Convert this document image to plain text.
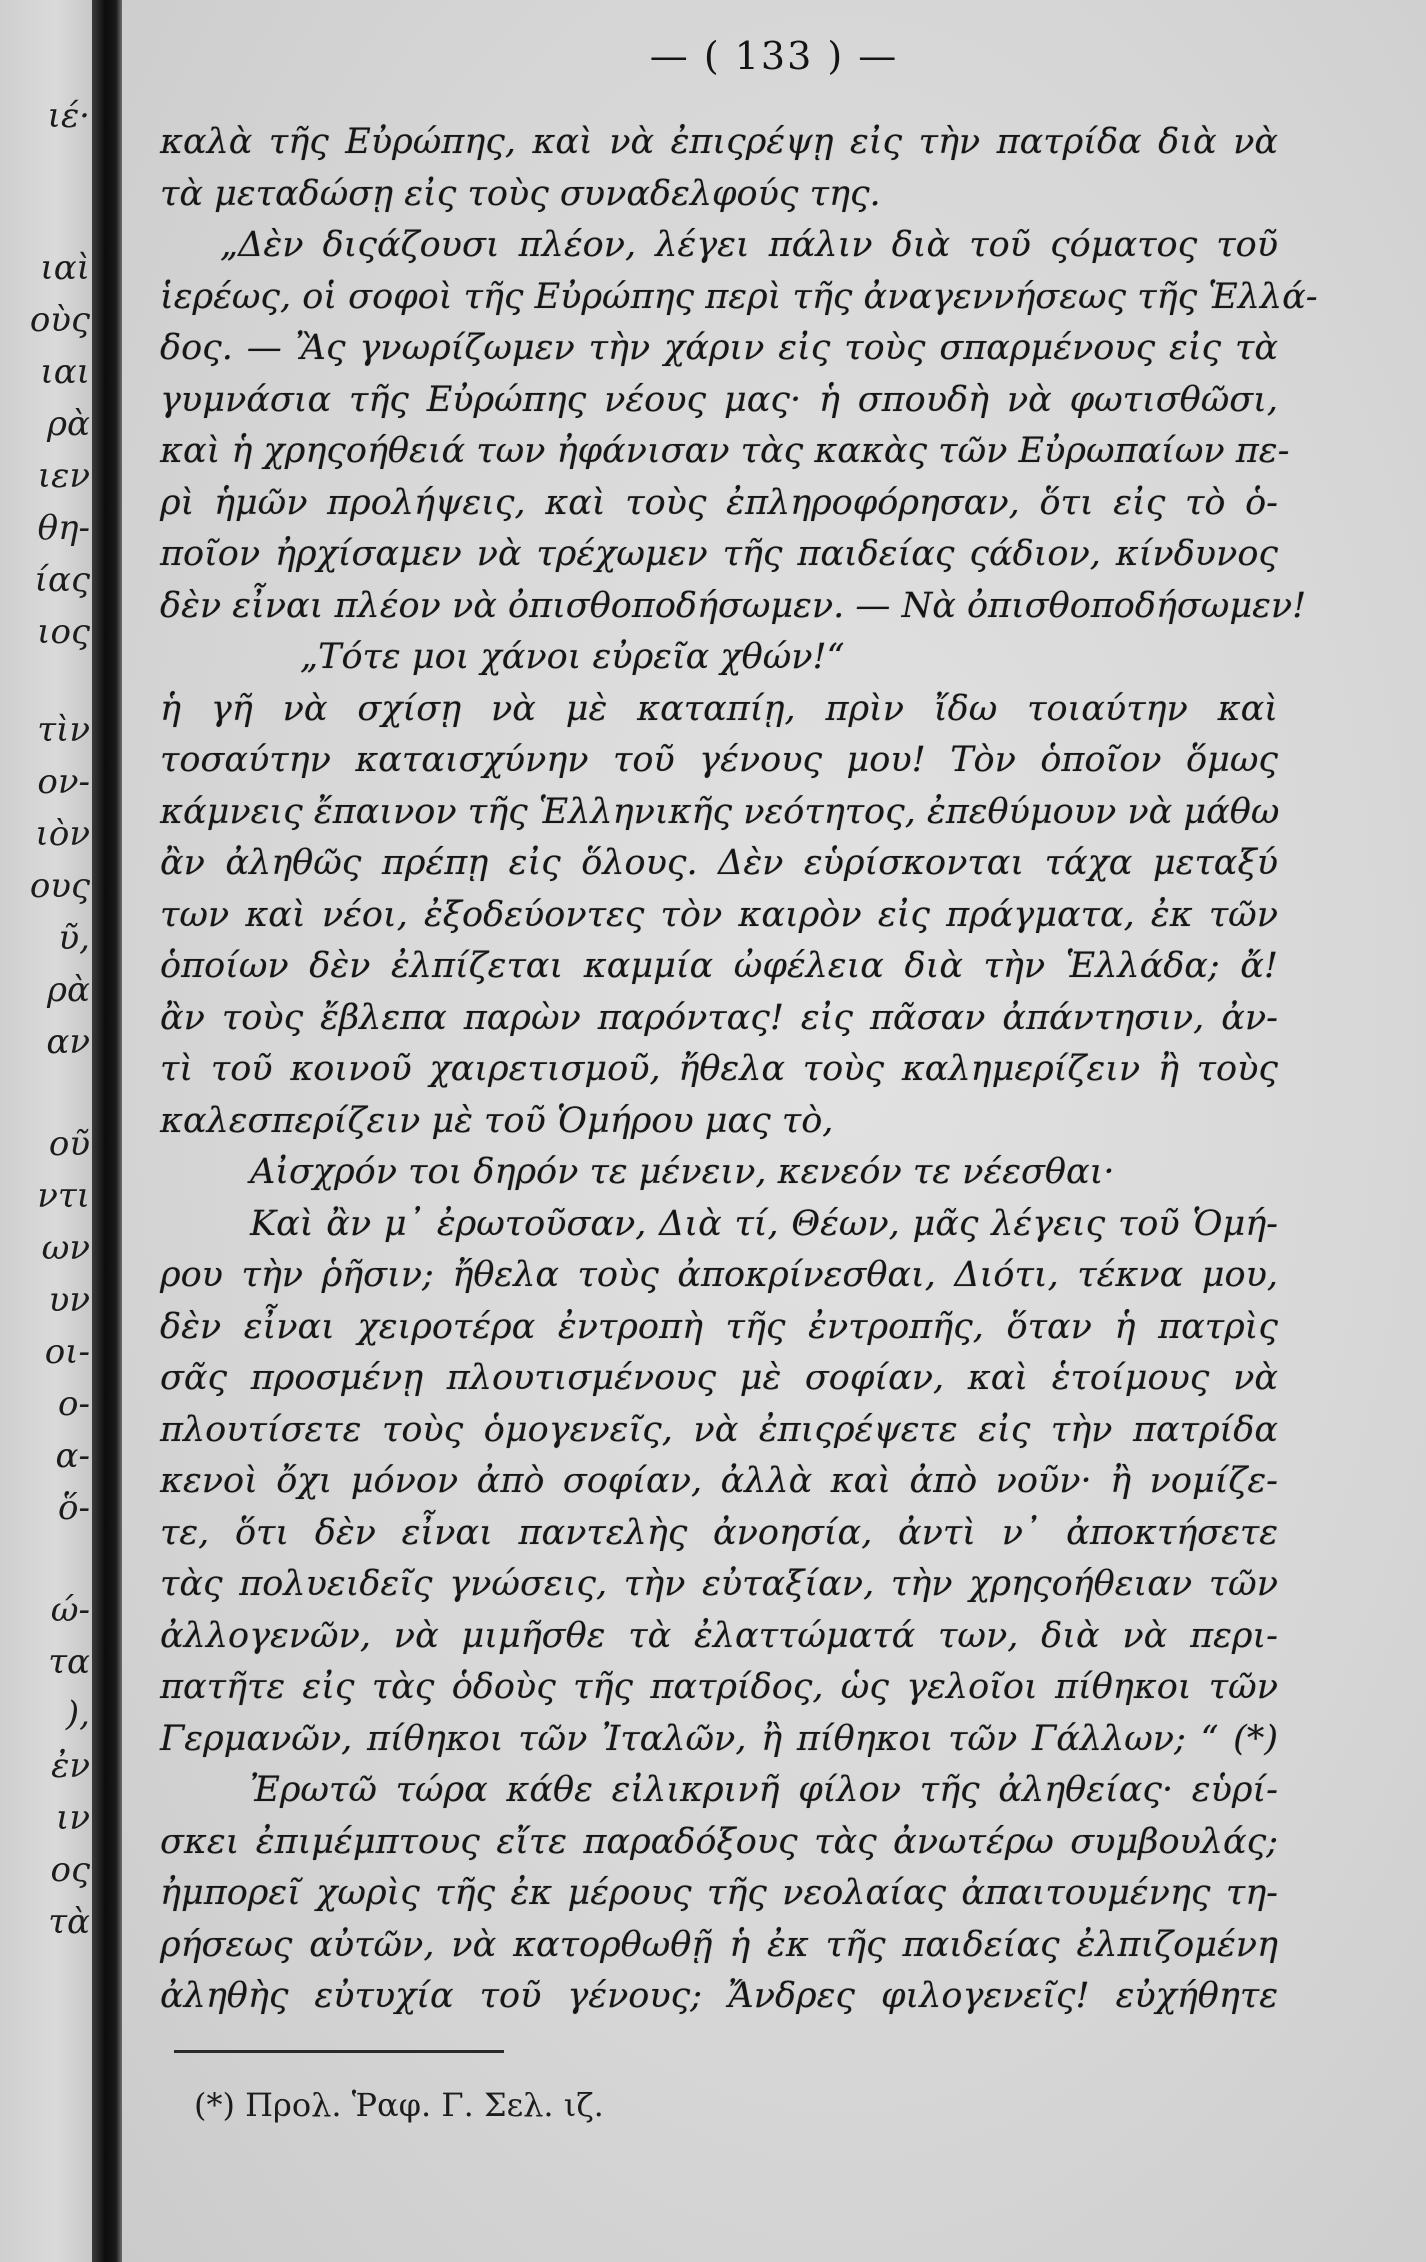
ιέ·
ιαὶ
οὺς
ιαι
ρὰ
ιεν
θη-
ίας
ιος
τὶν
ον-
ιὸν
ους
ῦ,
ρὰ
αν
οῦ
ντι
ων
υν
οι-
ο-
α-
ὅ-
ώ-
τα
),
ἐν
ιν
ος
τὰ
— ( 133 ) —
καλὰ τῆς Εὐρώπης, καὶ νὰ ἐπιςρέψῃ εἰς τὴν πατρίδα διὰ νὰ
τὰ μεταδώσῃ εἰς τοὺς συναδελφούς της.
„Δὲν διςάζουσι πλέον, λέγει πάλιν διὰ τοῦ ςόματος τοῦ
ἱερέως, οἱ σοφοὶ τῆς Εὐρώπης περὶ τῆς ἀναγεννήσεως τῆς Ἑλλά-
δος. — Ἂς γνωρίζωμεν τὴν χάριν εἰς τοὺς σπαρμένους εἰς τὰ
γυμνάσια τῆς Εὐρώπης νέους μας· ἡ σπουδὴ νὰ φωτισθῶσι,
καὶ ἡ χρηςοήθειά των ἠφάνισαν τὰς κακὰς τῶν Εὐρωπαίων πε-
ρὶ ἡμῶν προλήψεις, καὶ τοὺς ἐπληροφόρησαν, ὅτι εἰς τὸ ὁ-
ποῖον ἠρχίσαμεν νὰ τρέχωμεν τῆς παιδείας ςάδιον, κίνδυνος
δὲν εἶναι πλέον νὰ ὀπισθοποδήσωμεν. — Νὰ ὀπισθοποδήσωμεν!
„Τότε μοι χάνοι εὐρεῖα χθών!“
ἡ γῆ νὰ σχίσῃ νὰ μὲ καταπίῃ, πρὶν ἴδω τοιαύτην καὶ
τοσαύτην καταισχύνην τοῦ γένους μου! Τὸν ὁποῖον ὅμως
κάμνεις ἔπαινον τῆς Ἑλληνικῆς νεότητος, ἐπεθύμουν νὰ μάθω
ἂν ἀληθῶς πρέπῃ εἰς ὅλους. Δὲν εὑρίσκονται τάχα μεταξύ
των καὶ νέοι, ἐξοδεύοντες τὸν καιρὸν εἰς πράγματα, ἐκ τῶν
ὁποίων δὲν ἐλπίζεται καμμία ὠφέλεια διὰ τὴν Ἑλλάδα; ἄ!
ἂν τοὺς ἔβλεπα παρὼν παρόντας! εἰς πᾶσαν ἀπάντησιν, ἀν-
τὶ τοῦ κοινοῦ χαιρετισμοῦ, ἤθελα τοὺς καλημερίζειν ἢ τοὺς
καλεσπερίζειν μὲ τοῦ Ὁμήρου μας τὸ,
Αἰσχρόν τοι δηρόν τε μένειν, κενεόν τε νέεσθαι·
Καὶ ἂν μ᾽ ἐρωτοῦσαν, Διὰ τί, Θέων, μᾶς λέγεις τοῦ Ὁμή-
ρου τὴν ῥῆσιν; ἤθελα τοὺς ἀποκρίνεσθαι, Διότι, τέκνα μου,
δὲν εἶναι χειροτέρα ἐντροπὴ τῆς ἐντροπῆς, ὅταν ἡ πατρὶς
σᾶς προσμένῃ πλουτισμένους μὲ σοφίαν, καὶ ἑτοίμους νὰ
πλουτίσετε τοὺς ὁμογενεῖς, νὰ ἐπιςρέψετε εἰς τὴν πατρίδα
κενοὶ ὄχι μόνον ἀπὸ σοφίαν, ἀλλὰ καὶ ἀπὸ νοῦν· ἢ νομίζε-
τε, ὅτι δὲν εἶναι παντελὴς ἀνοησία, ἀντὶ ν᾽ ἀποκτήσετε
τὰς πολυειδεῖς γνώσεις, τὴν εὐταξίαν, τὴν χρηςοήθειαν τῶν
ἀλλογενῶν, νὰ μιμῆσθε τὰ ἐλαττώματά των, διὰ νὰ περι-
πατῆτε εἰς τὰς ὁδοὺς τῆς πατρίδος, ὡς γελοῖοι πίθηκοι τῶν
Γερμανῶν, πίθηκοι τῶν Ἰταλῶν, ἢ πίθηκοι τῶν Γάλλων; “ (*)
Ἐρωτῶ τώρα κάθε εἰλικρινῆ φίλον τῆς ἀληθείας· εὑρί-
σκει ἐπιμέμπτους εἴτε παραδόξους τὰς ἀνωτέρω συμβουλάς;
ἠμπορεῖ χωρὶς τῆς ἐκ μέρους τῆς νεολαίας ἀπαιτουμένης τη-
ρήσεως αὐτῶν, νὰ κατορθωθῇ ἡ ἐκ τῆς παιδείας ἐλπιζομένη
ἀληθὴς εὐτυχία τοῦ γένους; Ἄνδρες φιλογενεῖς! εὐχήθητε
(*) Προλ. Ῥαφ. Γ. Σελ. ιζ.
